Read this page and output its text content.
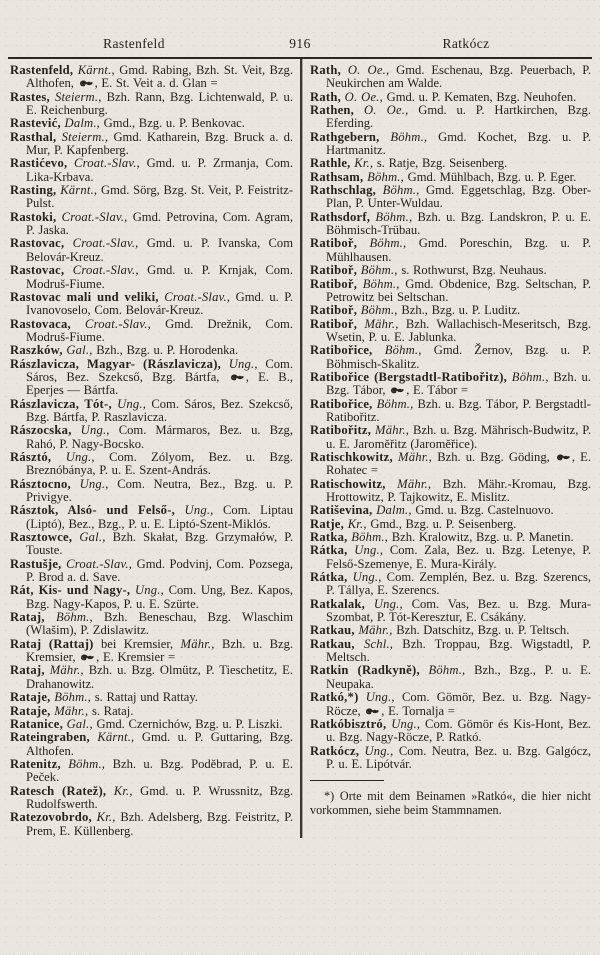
Rastenfeld	916	Ratkócz

Rastenfeld, Kärnt., Gmd. Rabing, Bzh. St. Veit, Bzg. Althofen,
, E. St. Veit a. d. Glan =

Rastes, Steierm., Bzh. Rann, Bzg. Lichtenwald, P. u. E. Reichenburg.

Rastević, Dalm., Gmd., Bzg. u. P. Benkovac.

Rasthal, Steierm., Gmd. Katharein, Bzg. Bruck a. d. Mur, P. Kapfenberg.

Rastićevo, Croat.-Slav., Gmd. u. P. Zrmanja, Com. Lika-Krbava.

Rasting, Kärnt., Gmd. Sörg, Bzg. St. Veit, P. Feistritz-Pulst.

Rastoki, Croat.-Slav., Gmd. Petrovina, Com. Agram, P. Jaska.

Rastovac, Croat.-Slav., Gmd. u. P. Ivanska, Com Belovár-Kreuz.

Rastovac, Croat.-Slav., Gmd. u. P. Krnjak, Com. Modruš-Fiume.

Rastovac mali und veliki, Croat.-Slav., Gmd. u. P. Ivanovoselo, Com. Belovár-Kreuz.

Rastovaca, Croat.-Slav., Gmd. Drežnik, Com. Modruš-Fiume.

Raszków, Gal., Bzh., Bzg. u. P. Horodenka.

Rászlavicza, Magyar- (Rászlavicza), Ung., Com. Sáros, Bez. Szekcső, Bzg. Bártfa,
, E. B., Eperjes — Bártfa.

Rászlavicza, Tót-, Ung., Com. Sáros, Bez. Szekcső, Bzg. Bártfa, P. Raszlavicza.

Rászocska, Ung., Com. Mármaros, Bez. u. Bzg, Rahó, P. Nagy-Bocsko.

Rásztó, Ung., Com. Zólyom, Bez. u. Bzg. Breznóbánya, P. u. E. Szent-András.

Rásztocno, Ung., Com. Neutra, Bez., Bzg. u. P. Privigye.

Rásztok, Alsó- und Felső-, Ung., Com. Liptau (Liptó), Bez., Bzg., P. u. E. Liptó-Szent-Miklós.

Rasztowce, Gal., Bzh. Skałat, Bzg. Grzymałów, P. Touste.

Rastušje, Croat.-Slav., Gmd. Podvinj, Com. Pozsega, P. Brod a. d. Save.

Rát, Kis- und Nagy-, Ung., Com. Ung, Bez. Kapos, Bzg. Nagy-Kapos, P. u. E. Szürte.

Rataj, Böhm., Bzh. Beneschau, Bzg. Wlaschim (Wlašim), P. Zdislawitz.

Rataj (Rattaj) bei Kremsier, Mähr., Bzh. u. Bzg. Kremsier,
, E. Kremsier =

Rataj, Mähr., Bzh. u. Bzg. Olmütz, P. Tieschetitz, E. Drahanowitz.

Rataje, Böhm., s. Rattaj und Rattay.

Rataje, Mähr., s. Rataj.

Ratanice, Gal., Gmd. Czernichów, Bzg. u. P. Liszki.

Rateingraben, Kärnt., Gmd. u. P. Guttaring, Bzg. Althofen.

Ratenitz, Böhm., Bzh. u. Bzg. Poděbrad, P. u. E. Peček.

Ratesch (Ratež), Kr., Gmd. u. P. Wrussnitz, Bzg. Rudolfswerth.

Ratezovobrdo, Kr., Bzh. Adelsberg, Bzg. Feistritz, P. Prem, E. Küllenberg.

Rath, O. Oe., Gmd. Eschenau, Bzg. Peuerbach, P. Neukirchen am Walde.

Rath, O. Oe., Gmd. u. P. Kematen, Bzg. Neuhofen.

Rathen, O. Oe., Gmd. u. P. Hartkirchen, Bzg. Eferding.

Rathgebern, Böhm., Gmd. Kochet, Bzg. u. P. Hartmanitz.

Rathle, Kr., s. Ratje, Bzg. Seisenberg.

Rathsam, Böhm., Gmd. Mühlbach, Bzg. u. P. Eger.

Rathschlag, Böhm., Gmd. Eggetschlag, Bzg. Ober-Plan, P. Unter-Wuldau.

Rathsdorf, Böhm., Bzh. u. Bzg. Landskron, P. u. E. Böhmisch-Trübau.

Ratiboř, Böhm., Gmd. Poreschin, Bzg. u. P. Mühlhausen.

Ratiboř, Böhm., s. Rothwurst, Bzg. Neuhaus.

Ratiboř, Böhm., Gmd. Obdenice, Bzg. Seltschan, P. Petrowitz bei Seltschan.

Ratiboř, Böhm., Bzh., Bzg. u. P. Luditz.

Ratiboř, Mähr., Bzh. Wallachisch-Meseritsch, Bzg. Wsetin, P. u. E. Jablunka.

Ratibořice, Böhm., Gmd. Žernov, Bzg. u. P. Böhmisch-Skalitz.

Ratibořice (Bergstadtl-Ratibořitz), Böhm., Bzh. u. Bzg. Tábor,
, E. Tábor =

Ratibořice, Böhm., Bzh. u. Bzg. Tábor, P. Bergstadtl-Ratibořitz.

Ratibořitz, Mähr., Bzh. u. Bzg. Mährisch-Budwitz, P. u. E. Jaroměřitz (Jaroměřice).

Ratischkowitz, Mähr., Bzh. u. Bzg. Göding,
, E. Rohatec =

Ratischowitz, Mähr., Bzh. Mähr.-Kromau, Bzg. Hrottowitz, P. Tajkowitz, E. Mislitz.

Ratiševina, Dalm., Gmd. u. Bzg. Castelnuovo.

Ratje, Kr., Gmd., Bzg. u. P. Seisenberg.

Ratka, Böhm., Bzh. Kralowitz, Bzg. u. P. Manetin.

Rátka, Ung., Com. Zala, Bez. u. Bzg. Letenye, P. Felső-Szemenye, E. Mura-Király.

Rátka, Ung., Com. Zemplén, Bez. u. Bzg. Szerencs, P. Tállya, E. Szerencs.

Ratkalak, Ung., Com. Vas, Bez. u. Bzg. Mura-Szombat, P. Tót-Keresztur, E. Csákány.

Ratkau, Mähr., Bzh. Datschitz, Bzg. u. P. Teltsch.

Ratkau, Schl., Bzh. Troppau, Bzg. Wigstadtl, P. Meltsch.

Ratkin (Radkyně), Böhm., Bzh., Bzg., P. u. E. Neupaka.

Ratkó,*) Ung., Com. Gömör, Bez. u. Bzg. Nagy-Röcze,
, E. Tornalja =

Ratkóbisztró, Ung., Com. Gömör és Kis-Hont, Bez. u. Bzg. Nagy-Röcze, P. Ratkó.

Ratkócz, Ung., Com. Neutra, Bez. u. Bzg. Galgócz, P. u. E. Lipótvár.

*) Orte mit dem Beinamen »Ratkó«, die hier nicht vorkommen, siehe beim Stammnamen.
